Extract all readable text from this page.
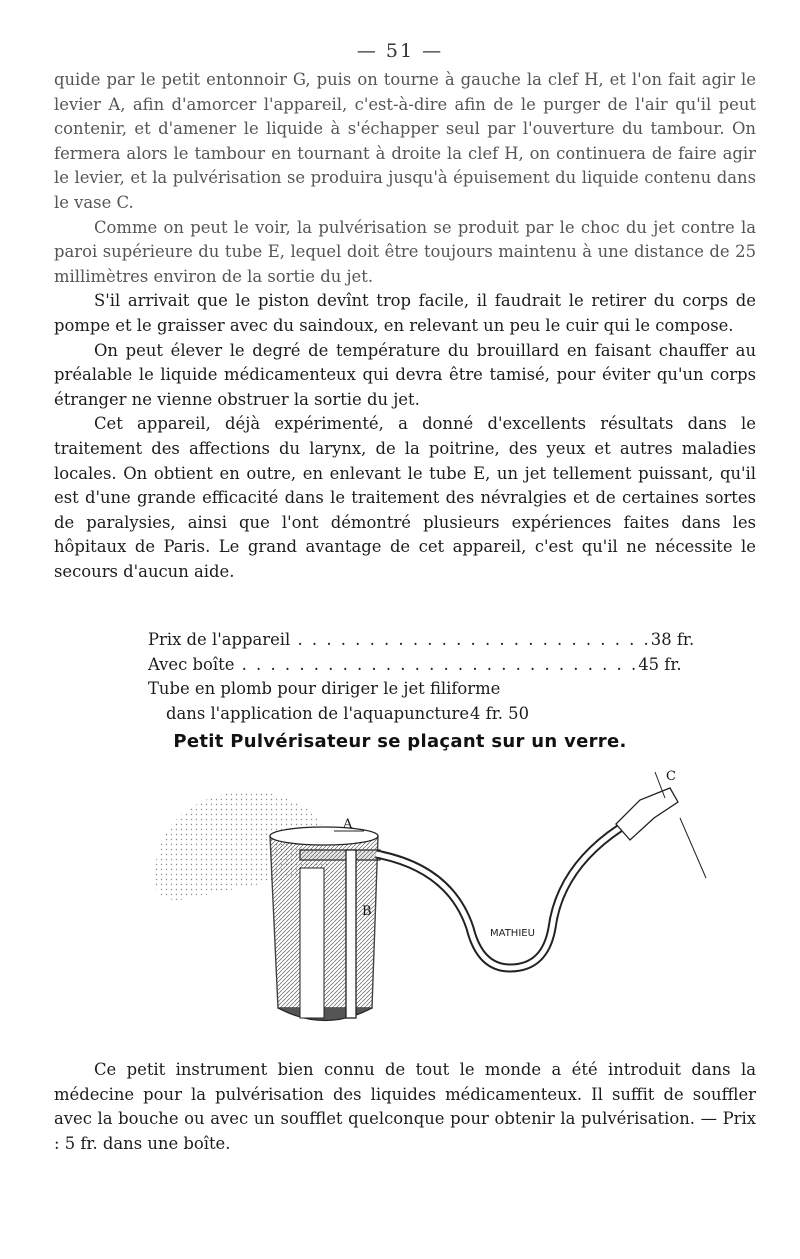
— 51 —

quide par le petit entonnoir G, puis on tourne à gauche la clef H, et l'on fait agir le levier A, afin d'amorcer l'appareil, c'est-à-dire afin de le purger de l'air qu'il peut contenir, et d'amener le liquide à s'échapper seul par l'ouverture du tambour. On fermera alors le tambour en tournant à droite la clef H, on continuera de faire agir le levier, et la pulvérisation se produira jusqu'à épuisement du liquide contenu dans le vase C.

Comme on peut le voir, la pulvérisation se produit par le choc du jet contre la paroi supérieure du tube E, lequel doit être toujours maintenu à une distance de 25 millimètres environ de la sortie du jet.

S'il arrivait que le piston devînt trop facile, il faudrait le retirer du corps de pompe et le graisser avec du saindoux, en relevant un peu le cuir qui le compose.

On peut élever le degré de température du brouillard en faisant chauffer au préalable le liquide médicamenteux qui devra être tamisé, pour éviter qu'un corps étranger ne vienne obstruer la sortie du jet.

Cet appareil, déjà expérimenté, a donné d'excellents résultats dans le traitement des affections du larynx, de la poitrine, des yeux et autres maladies locales. On obtient en outre, en enlevant le tube E, un jet tellement puissant, qu'il est d'une grande efficacité dans le traitement des névralgies et de certaines sortes de paralysies, ainsi que l'ont démontré plusieurs expériences faites dans les hôpitaux de Paris. Le grand avantage de cet appareil, c'est qu'il ne nécessite le secours d'aucun aide.

Prix de l'appareil . . . . . . . . . . . . . . . . . . . . . . . . . 38 fr.
Avec boîte . . . . . . . . . . . . . . . . . . . . . . . . . . . . 45 fr.
Tube en plomb pour diriger le jet filiforme
dans l'application de l'aquapuncture 4 fr. 50
Petit Pulvérisateur se plaçant sur un verre.
A
B
C
MATHIEU

Ce petit instrument bien connu de tout le monde a été introduit dans la médecine pour la pulvérisation des liquides médicamenteux. Il suffit de souffler avec la bouche ou avec un soufflet quelconque pour obtenir la pulvérisation. — Prix : 5 fr. dans une boîte.
